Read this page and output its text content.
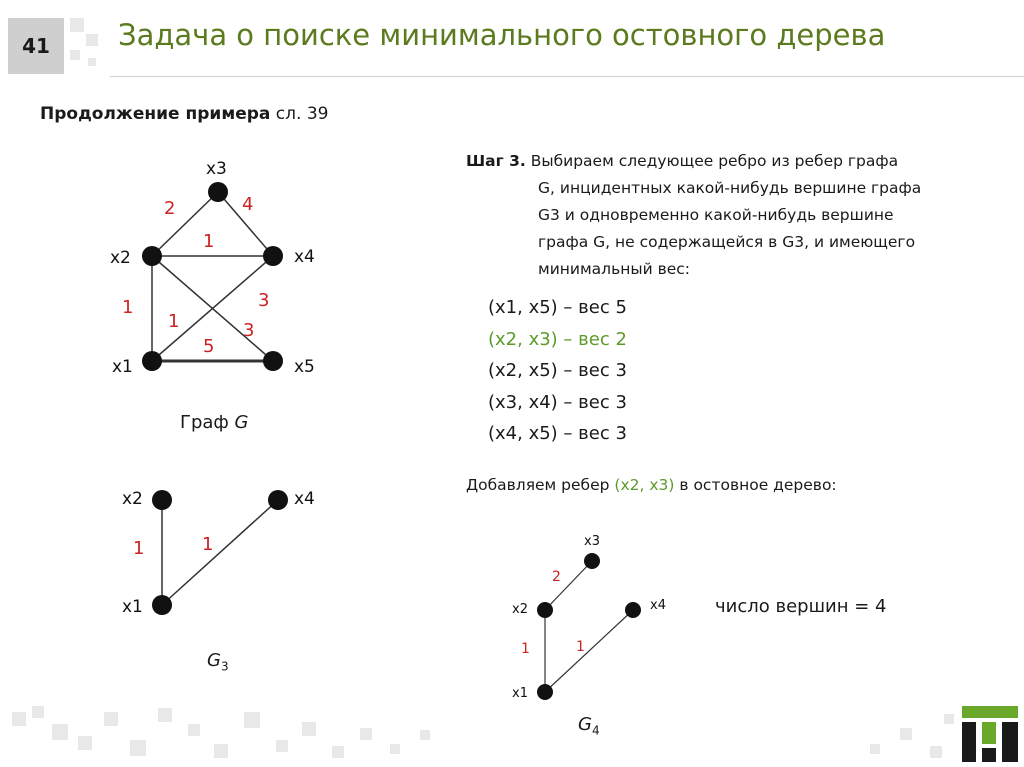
41	Задача о поиске минимального остовного дерева
Продолжение примера сл. 39
x1
x2
x3
x4
x5
2	4
1
1	3
1	3
5
Граф G
x2	x4
x1
1	1
$G_3$
Шаг 3. Выбираем следующее ребро из ребер графа
G, инцидентных какой-нибудь вершине графа
G3 и одновременно какой-нибудь вершине
графа G, не содержащейся в G3, и имеющего
минимальный вес:
(x1, x5) – вес 5
(x2, x3) – вес 2
(x2, x5) – вес 3
(x3, x4) – вес 3
(x4, x5) – вес 3
Добавляем ребер (x2, x3) в остовное дерево:
x3
x2	x4
x1
2
1	1
$G_4$
число вершин = 4
